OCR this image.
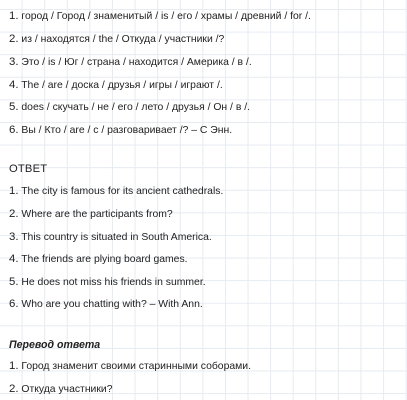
1. город / Город / знаменитый / is / его / храмы / древний / for /.
2. из / находятся / the / Откуда / участники /?
3. Это / is / Юг / страна / находится / Америка / в /.
4. The / are / доска / друзья / игры / играют /.
5. does / скучать / не / его / лето / друзья / Он / в /.
6. Вы / Кто / are / с / разговаривает /? – С Энн.
ОТВЕТ
1. The city is famous for its ancient cathedrals.
2. Where are the participants from?
3. This country is situated in South America.
4. The friends are plying board games.
5. He does not miss his friends in summer.
6. Who are you chatting with? – With Ann.
Перевод ответа
1. Город знаменит своими старинными соборами.
2. Откуда участники?
